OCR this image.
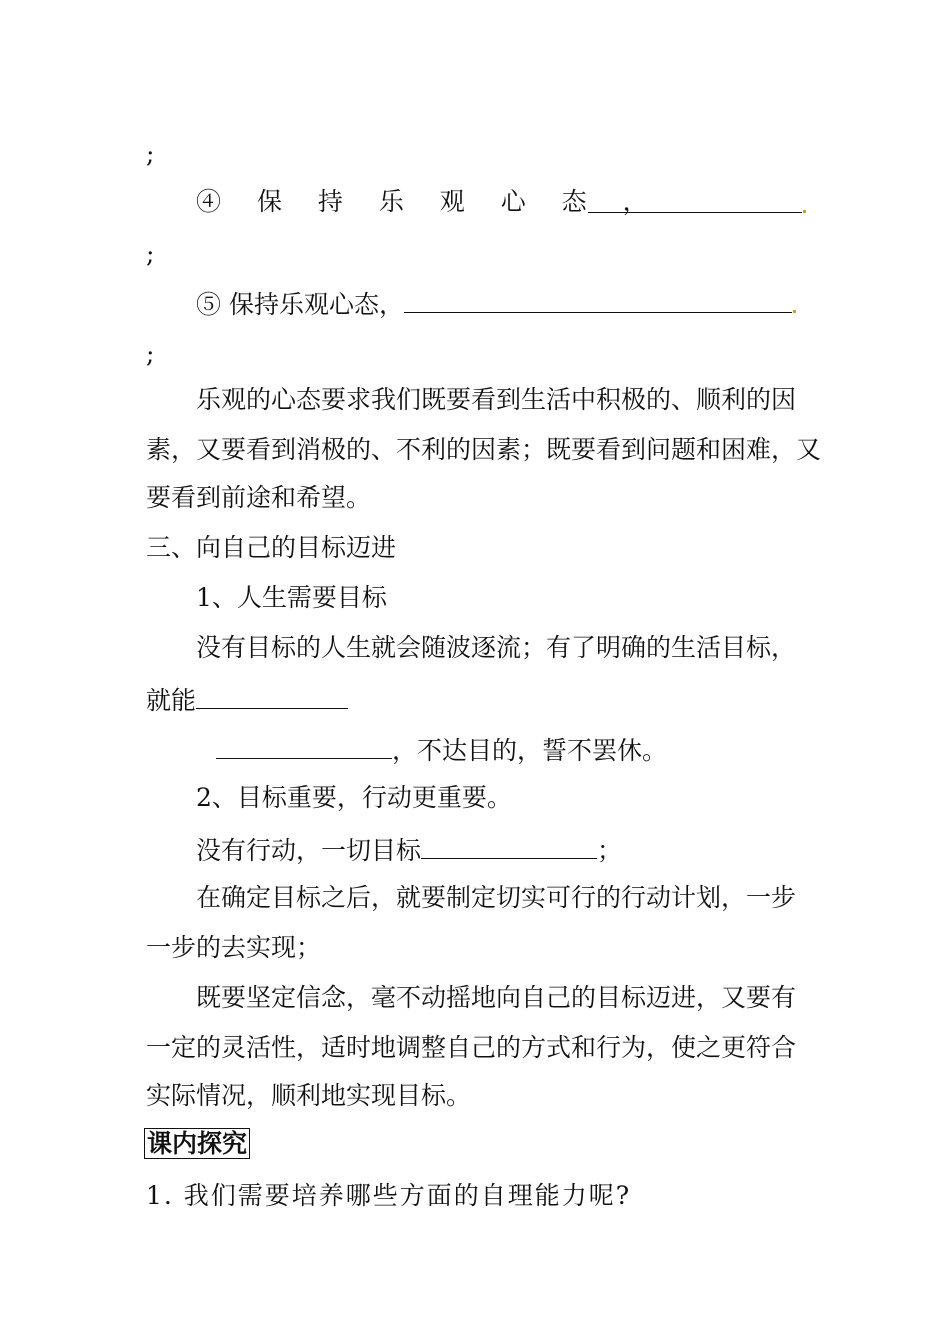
;
④ 保 持 乐 观 心 态 ，
;
⑤ 保持乐观心态，
;
乐观的心态要求我们既要看到生活中积极的、顺利的因
素，又要看到消极的、不利的因素；既要看到问题和困难，又
要看到前途和希望。
三、向自己的目标迈进
1、人生需要目标
没有目标的人生就会随波逐流；有了明确的生活目标，
就能
，不达目的，誓不罢休。
2、目标重要，行动更重要。
没有行动，一切目标	；
在确定目标之后，就要制定切实可行的行动计划，一步
一步的去实现；
既要坚定信念，毫不动摇地向自己的目标迈进，又要有
一定的灵活性，适时地调整自己的方式和行为，使之更符合
实际情况，顺利地实现目标。
课内探究
1. 我们需要培养哪些方面的自理能力呢?
